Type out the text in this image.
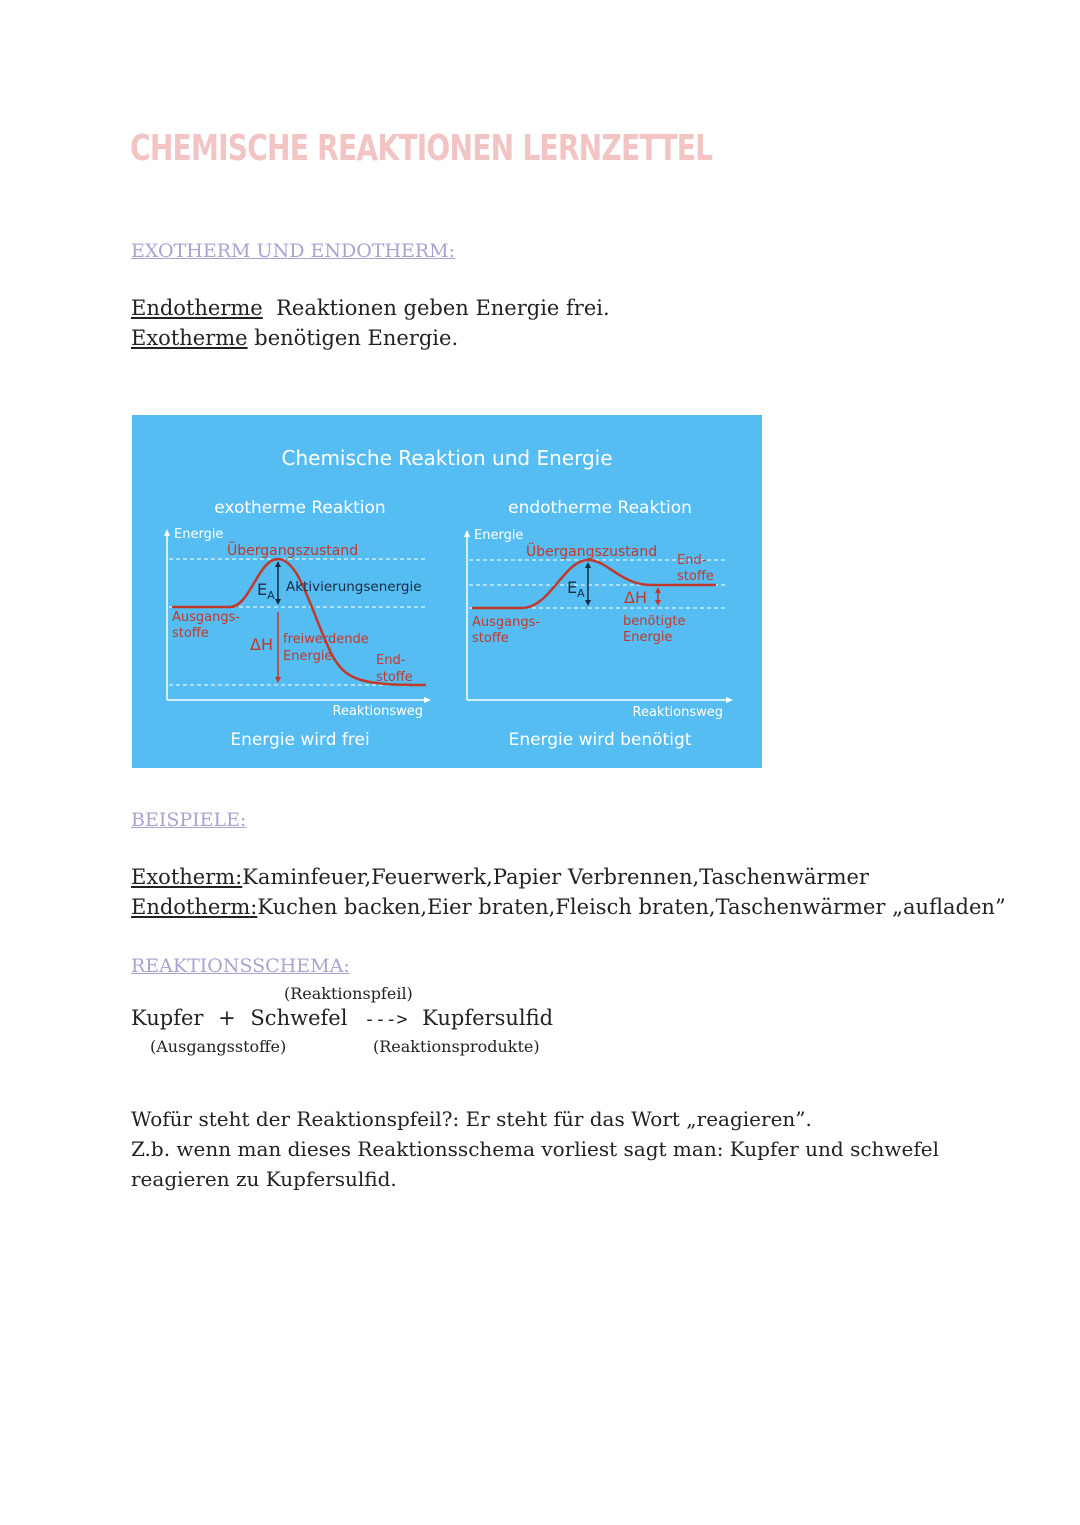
CHEMISCHE REAKTIONEN LERNZETTEL
EXOTHERM UND ENDOTHERM:
Endotherme Reaktionen geben Energie frei.
Exotherme benötigen Energie.
Chemische Reaktion und Energie
exotherme Reaktion
Energie
Übergangszustand
$E_A$
Aktivierungsenergie
Ausgangs-
stoffe
ΔH freiwerdende
Energie	End-
stoffe
Reaktionsweg
Energie wird frei
endotherme Reaktion
Energie
Übergangszustand
$E_A$
End-
stoffe
ΔH
Ausgangs-
stoffe
benötigte
Energie
Reaktionsweg
Energie wird benötigt
BEISPIELE:
Exotherm:Kaminfeuer,Feuerwerk,Papier Verbrennen,Taschenwärmer
Endotherm:Kuchen backen,Eier braten,Fleisch braten,Taschenwärmer „aufladen”
REAKTIONSSCHEMA:
(Reaktionspfeil)
Kupfer + Schwefel ---> Kupfersulfid
(Ausgangsstoffe)	(Reaktionsprodukte)
Wofür steht der Reaktionspfeil?: Er steht für das Wort „reagieren”.
Z.b. wenn man dieses Reaktionsschema vorliest sagt man: Kupfer und schwefel
reagieren zu Kupfersulfid.
